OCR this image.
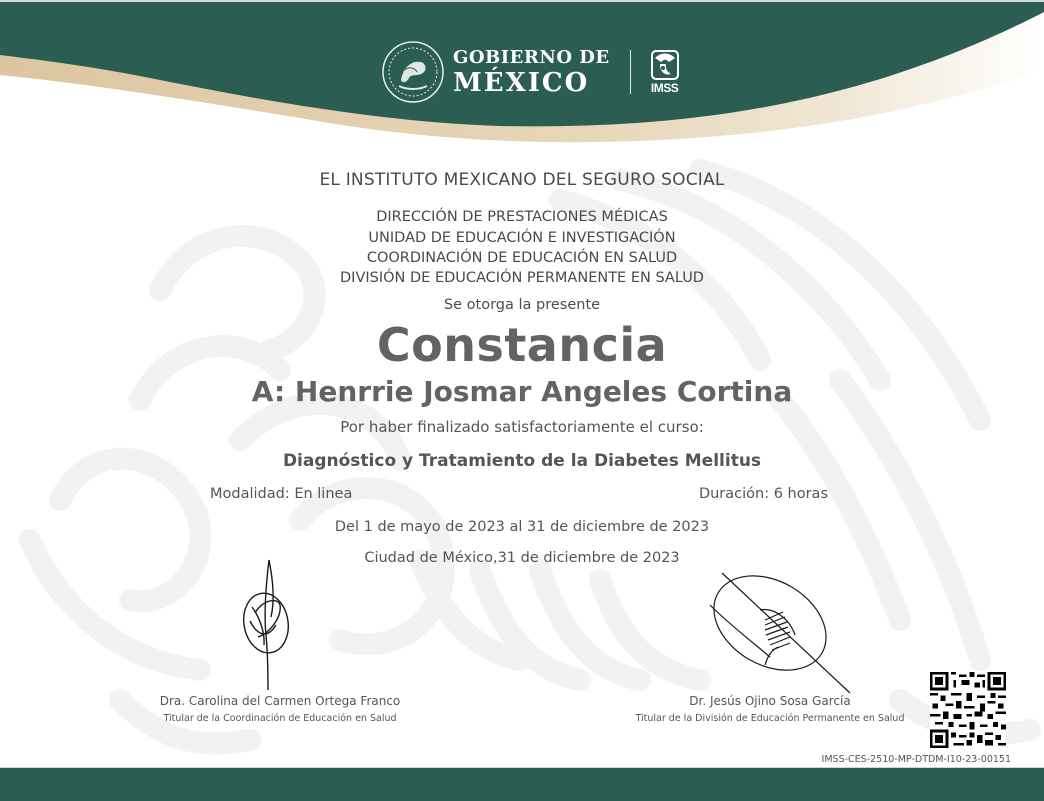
GOBIERNO DE
MÉXICO	IMSS
EL INSTITUTO MEXICANO DEL SEGURO SOCIAL
DIRECCIÓN DE PRESTACIONES MÉDICAS
UNIDAD DE EDUCACIÓN E INVESTIGACIÓN
COORDINACIÓN DE EDUCACIÓN EN SALUD
DIVISIÓN DE EDUCACIÓN PERMANENTE EN SALUD
Se otorga la presente
Constancia
A: Henrrie Josmar Angeles Cortina
Por haber finalizado satisfactoriamente el curso:
Diagnóstico y Tratamiento de la Diabetes Mellitus
Modalidad: En linea	Duración: 6 horas
Del 1 de mayo de 2023 al 31 de diciembre de 2023
Ciudad de México,31 de diciembre de 2023
Dra. Carolina del Carmen Ortega Franco
Titular de la Coordinación de Educación en Salud
Dr. Jesús Ojino Sosa García
Titular de la División de Educación Permanente en Salud
IMSS-CES-2510-MP-DTDM-I10-23-00151
